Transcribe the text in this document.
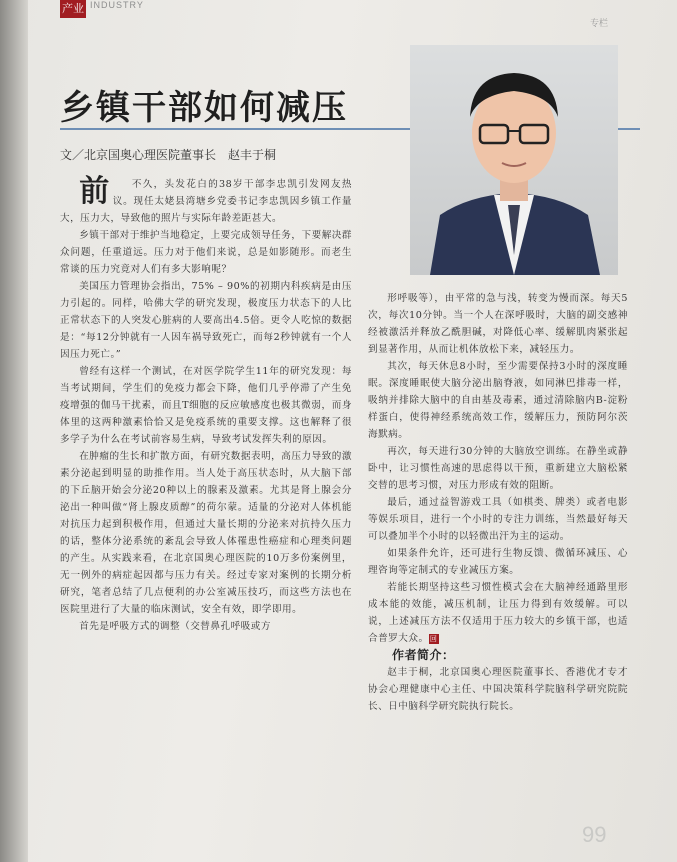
产业 INDUSTRY
专栏
乡镇干部如何减压
文／北京国奥心理医院董事长　赵丰于桐

前 不久，头发花白的38岁干部李忠凯引发网友热议。现任太姥县湾塘乡党委书记李忠凯因乡镇工作量大，压力大，导致他的照片与实际年龄差距甚大。

乡镇干部对于维护当地稳定，上要完成领导任务，下要解决群众问题，任重道远。压力对于他们来说，总是如影随形。而老生常谈的压力究竟对人们有多大影响呢？

美国压力管理协会指出，75% – 90%的初期内科疾病是由压力引起的。同样，哈佛大学的研究发现，极度压力状态下的人比正常状态下的人突发心脏病的人要高出4.5倍。更令人吃惊的数据是：“每12分钟就有一人因车祸导致死亡，而每2秒钟就有一个人因压力死亡。”

曾经有这样一个测试，在对医学院学生11年的研究发现：每当考试期间，学生们的免疫力都会下降，他们几乎停滞了产生免疫增强的伽马干扰素，而且T细胞的反应敏感度也极其微弱，而身体里的这两种激素恰恰又是免疫系统的重要支撑。这也解释了很多学子为什么在考试前容易生病，导致考试发挥失利的原因。

在肿瘤的生长和扩散方面，有研究数据表明，高压力导致的激素分泌起到明显的助推作用。当人处于高压状态时，从大脑下部的下丘脑开始会分泌20种以上的腺素及激素。尤其是肾上腺会分泌出一种叫做“肾上腺皮质醇”的荷尔蒙。适量的分泌对人体机能对抗压力起到积极作用，但通过大量长期的分泌来对抗持久压力的话，整体分泌系统的紊乱会导致人体罹患性癌症和心理类问题的产生。从实践来看，在北京国奥心理医院的10万多份案例里，无一例外的病症起因都与压力有关。经过专家对案例的长期分析研究，笔者总结了几点便利的办公室减压技巧，而这些方法也在医院里进行了大量的临床测试，安全有效，即学即用。

首先是呼吸方式的调整（交替鼻孔呼吸或方

形呼吸等），由平常的急与浅，转变为慢而深。每天5次，每次10分钟。当一个人在深呼吸时，大脑的副交感神经被激活并释放乙酰胆碱，对降低心率、缓解肌肉紧张起到显著作用，从而让机体放松下来，减轻压力。

其次，每天休息8小时，至少需要保持3小时的深度睡眠。深度睡眠使大脑分泌出脑脊液，如同淋巴排毒一样，吸纳并排除大脑中的自由基及毒素，通过清除脑内B-淀粉样蛋白，使得神经系统高效工作，缓解压力，预防阿尔茨海默病。

再次，每天进行30分钟的大脑放空训练。在静坐或静卧中，让习惯性高速的思虑得以干预，重新建立大脑松紧交替的思考习惯，对压力形成有效的阻断。

最后，通过益智游戏工具（如棋类、牌类）或者电影等娱乐项目，进行一个小时的专注力训练，当然最好每天可以叠加半个小时的以轻微出汗为主的运动。

如果条件允许，还可进行生物反馈、微循环减压、心理咨询等定制式的专业减压方案。

若能长期坚持这些习惯性模式会在大脑神经通路里形成本能的效能，减压机制，让压力得到有效缓解。可以说，上述减压方法不仅适用于压力较大的乡镇干部，也适合普罗大众。回

作者简介：

赵丰于桐，北京国奥心理医院董事长、香港优才专才协会心理健康中心主任、中国决策科学院脑科学研究院院长、日中脑科学研究院执行院长。

99
